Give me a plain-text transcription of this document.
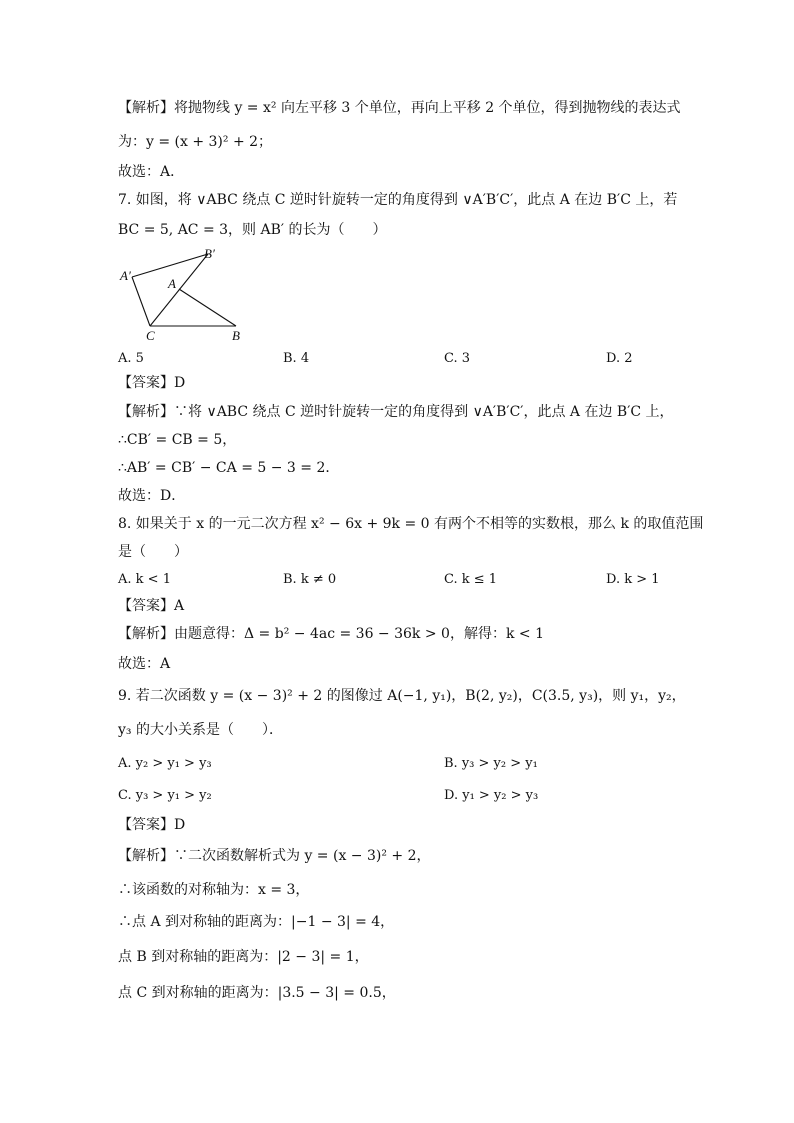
【解析】将抛物线 y = x² 向左平移 3 个单位，再向上平移 2 个单位，得到抛物线的表达式
为：y = (x + 3)² + 2；
故选：A．
7. 如图，将 ∨ABC 绕点 C 逆时针旋转一定的角度得到 ∨A′B′C′，此点 A 在边 B′C 上，若
BC = 5, AC = 3，则 AB′ 的长为（　　）
A′
B′
A
B
C
A. 5	B. 4	C. 3	D. 2
【答案】D
【解析】∵将 ∨ABC 绕点 C 逆时针旋转一定的角度得到 ∨A′B′C′，此点 A 在边 B′C 上，
∴CB′ = CB = 5，
∴AB′ = CB′ − CA = 5 − 3 = 2．
故选：D．
8. 如果关于 x 的一元二次方程 x² − 6x + 9k = 0 有两个不相等的实数根，那么 k 的取值范围
是（　　）
A. k < 1	B. k ≠ 0	C. k ≤ 1	D. k > 1
【答案】A
【解析】由题意得：Δ = b² − 4ac = 36 − 36k > 0，解得：k < 1
故选：A
9. 若二次函数 y = (x − 3)² + 2 的图像过 A(−1, y₁)，B(2, y₂)，C(3.5, y₃)，则 y₁，y₂，
y₃ 的大小关系是（　　）．
A. y₂ > y₁ > y₃	B. y₃ > y₂ > y₁
C. y₃ > y₁ > y₂	D. y₁ > y₂ > y₃
【答案】D
【解析】∵二次函数解析式为 y = (x − 3)² + 2，
∴该函数的对称轴为：x = 3，
∴点 A 到对称轴的距离为：|−1 − 3| = 4，
点 B 到对称轴的距离为：|2 − 3| = 1，
点 C 到对称轴的距离为：|3.5 − 3| = 0.5，
